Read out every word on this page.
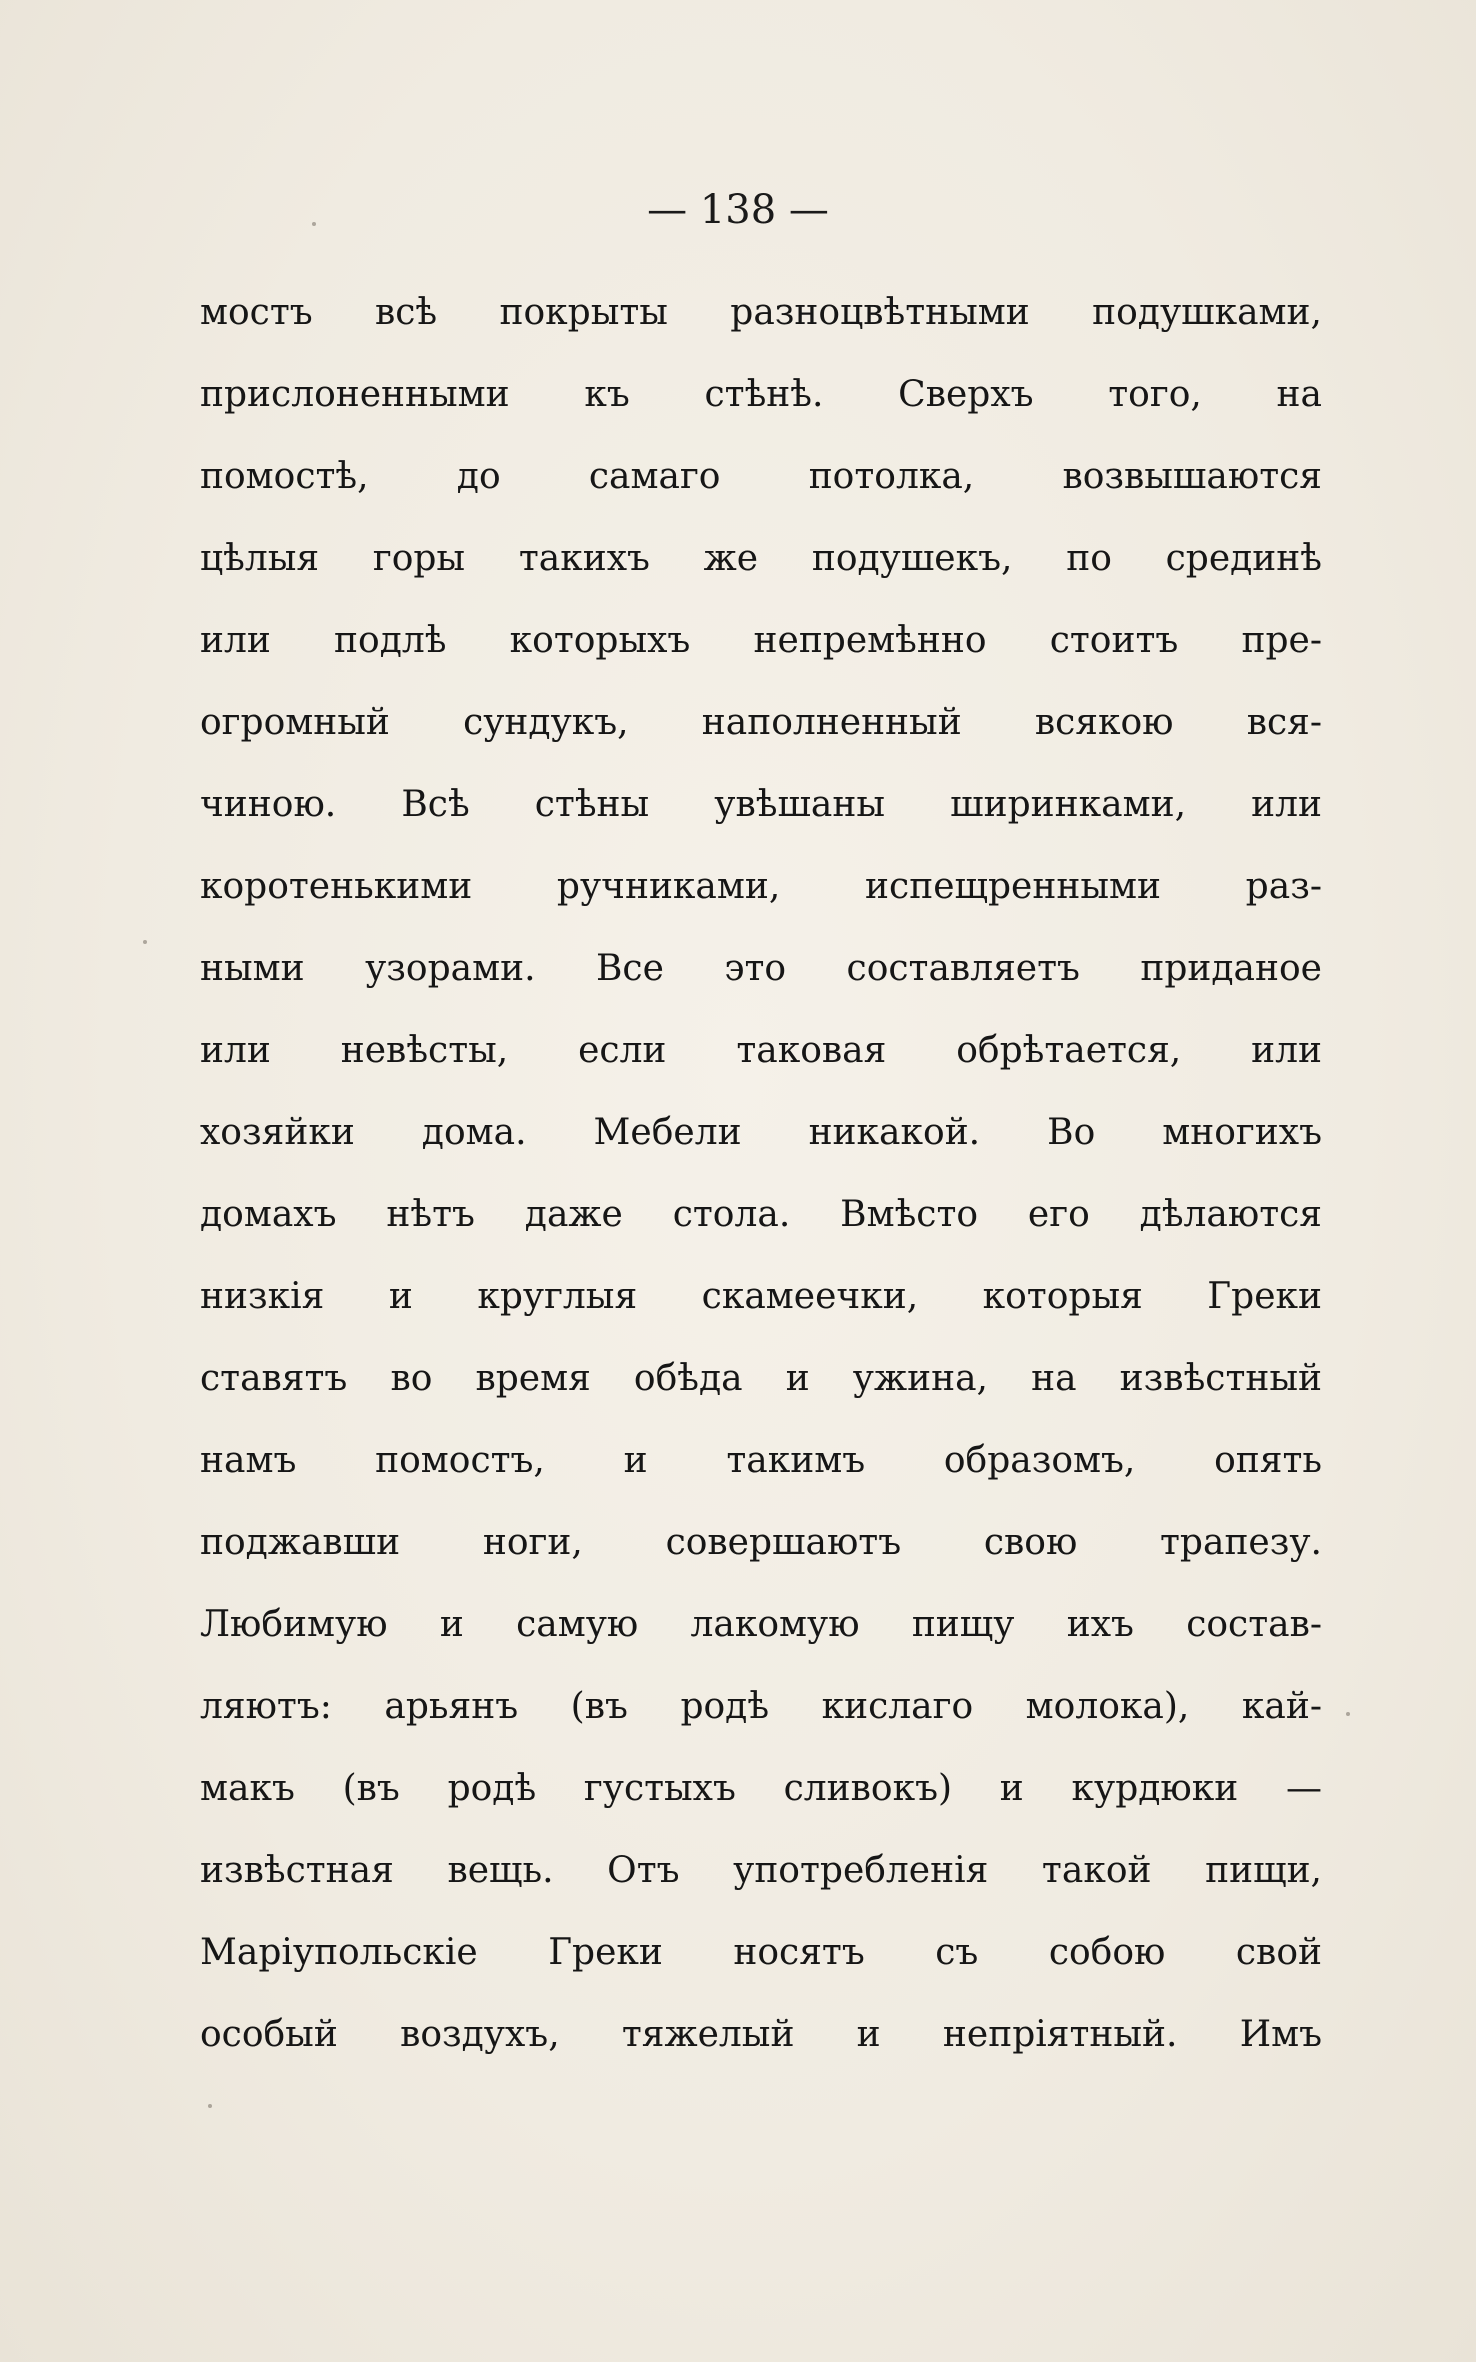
— 138 —
мостъ всѣ покрыты разноцвѣтными подушками,
прислоненными къ стѣнѣ. Сверхъ того, на
помостѣ, до самаго потолка, возвышаются
цѣлыя горы такихъ же подушекъ, по срединѣ
или подлѣ которыхъ непремѣнно стоитъ пре-
огромный сундукъ, наполненный всякою вся-
чиною. Всѣ стѣны увѣшаны ширинками, или
коротенькими ручниками, испещренными раз-
ными узорами. Все это составляетъ приданое
или невѣсты, если таковая обрѣтается, или
хозяйки дома. Мебели никакой. Во многихъ
домахъ нѣтъ даже стола. Вмѣсто его дѣлаются
низкія и круглыя скамеечки, которыя Греки
ставятъ во время обѣда и ужина, на извѣстный
намъ помостъ, и такимъ образомъ, опять
поджавши ноги, совершаютъ свою трапезу.
Любимую и самую лакомую пищу ихъ состав-
ляютъ: арьянъ (въ родѣ кислаго молока), кай-
макъ (въ родѣ густыхъ сливокъ) и курдюки —
извѣстная вещь. Отъ употребленія такой пищи,
Маріупольскіе Греки носятъ съ собою свой
особый воздухъ, тяжелый и непріятный. Имъ
